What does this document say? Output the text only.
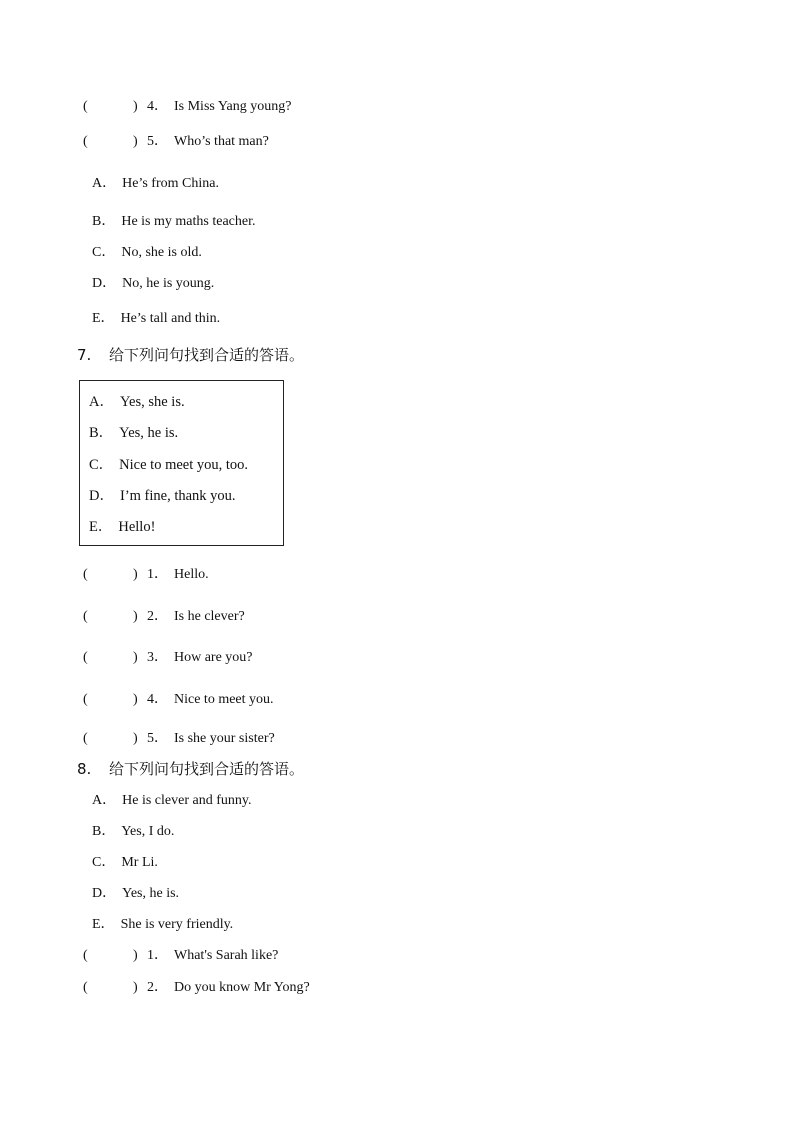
(	) 4． Is Miss Yang young?
(	) 5． Who’s that man?
A． He’s from China.
B． He is my maths teacher.
C． No, she is old.
D． No, he is young.
E． He’s tall and thin.
7. 给下列问句找到合适的答语。
A． Yes, she is.
B． Yes, he is.
C． Nice to meet you, too.
D． I’m fine, thank you.
E． Hello!
(	) 1． Hello.
(	) 2． Is he clever?
(	) 3． How are you?
(	) 4． Nice to meet you.
(	) 5． Is she your sister?
8. 给下列问句找到合适的答语。
A． He is clever and funny.
B． Yes, I do.
C． Mr Li.
D． Yes, he is.
E． She is very friendly.
(	) 1． What's Sarah like?
(	) 2． Do you know Mr Yong?
